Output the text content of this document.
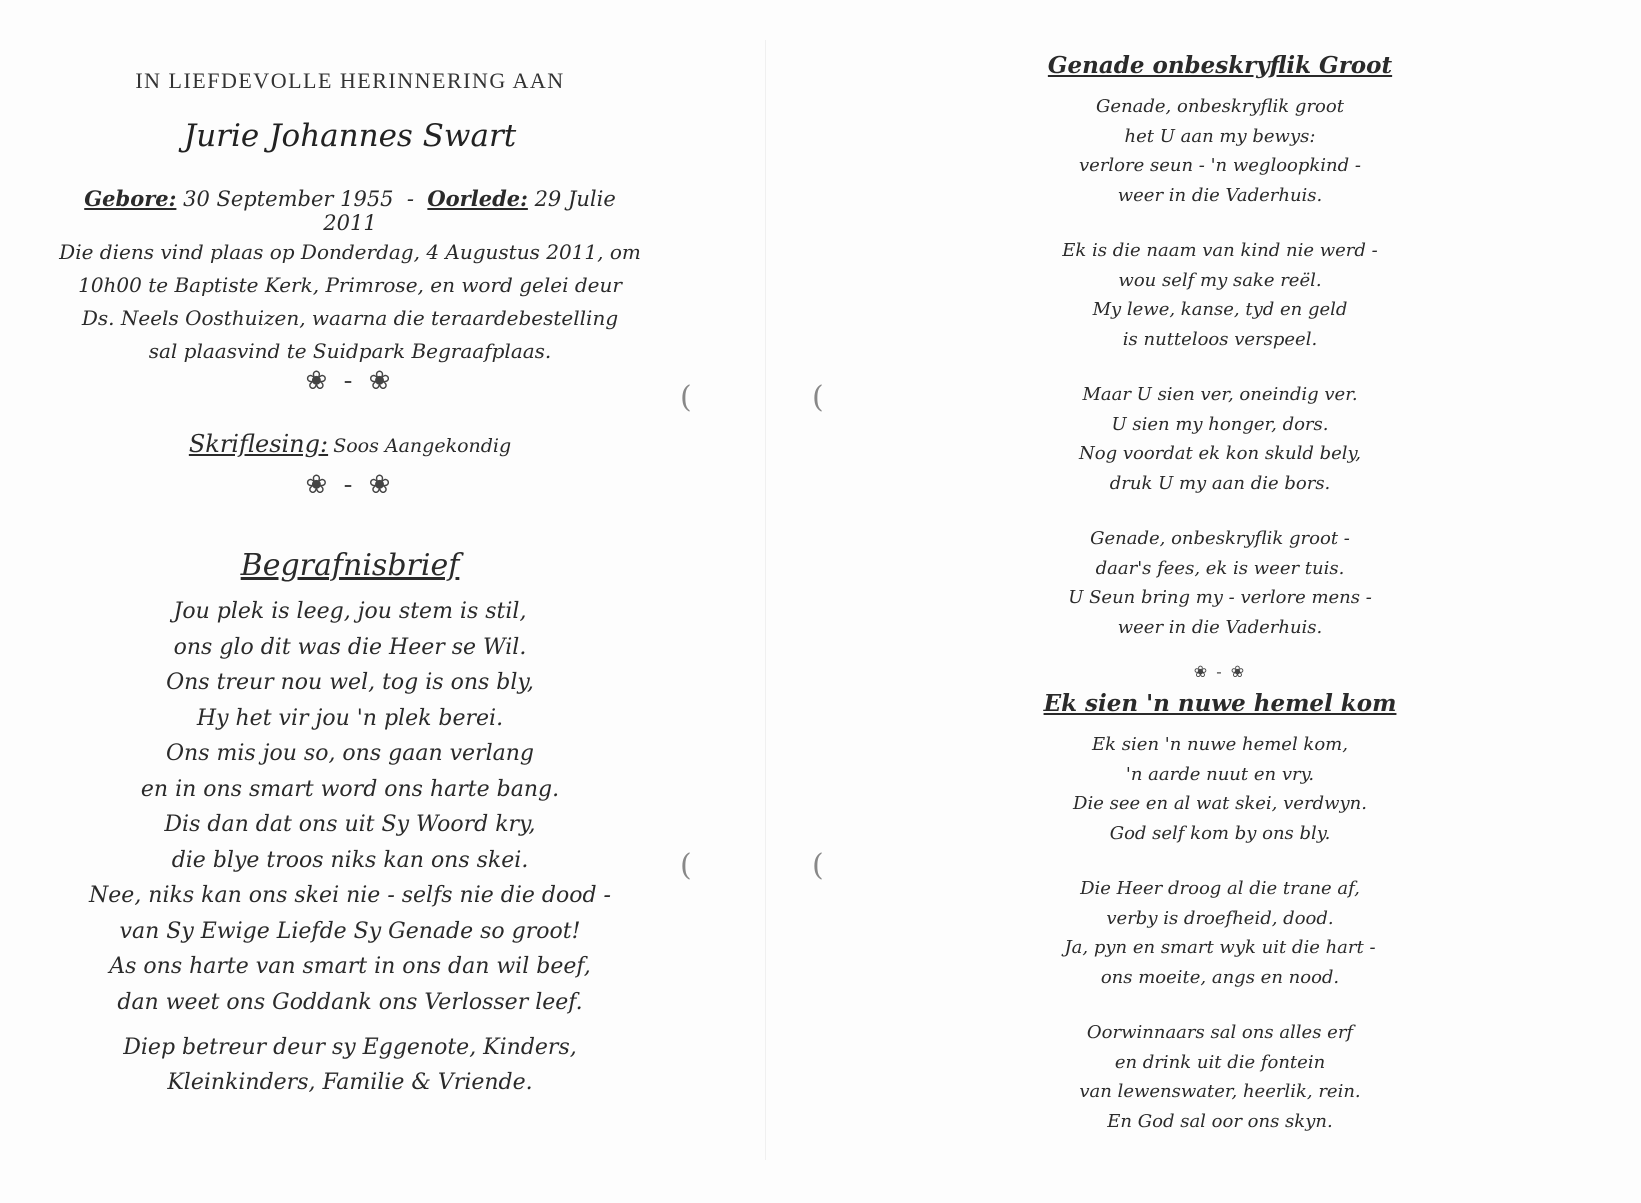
(	(
(	(
IN LIEFDEVOLLE HERINNERING AAN
Jurie Johannes Swart
Gebore: 30 September 1955 - Oorlede: 29 Julie 2011
Die diens vind plaas op Donderdag, 4 Augustus 2011, om
10h00 te Baptiste Kerk, Primrose, en word gelei deur
Ds. Neels Oosthuizen, waarna die teraardebestelling
sal plaasvind te Suidpark Begraafplaas.
❀ - ❀
Skriflesing: Soos Aangekondig
❀ - ❀
Begrafnisbrief
Jou plek is leeg, jou stem is stil,
ons glo dit was die Heer se Wil.
Ons treur nou wel, tog is ons bly,
Hy het vir jou 'n plek berei.
Ons mis jou so, ons gaan verlang
en in ons smart word ons harte bang.
Dis dan dat ons uit Sy Woord kry,
die blye troos niks kan ons skei.
Nee, niks kan ons skei nie - selfs nie die dood -
van Sy Ewige Liefde Sy Genade so groot!
As ons harte van smart in ons dan wil beef,
dan weet ons Goddank ons Verlosser leef.
Diep betreur deur sy Eggenote, Kinders,
Kleinkinders, Familie & Vriende.
Genade onbeskryflik Groot
Genade, onbeskryflik groot
het U aan my bewys:
verlore seun - 'n wegloopkind -
weer in die Vaderhuis.
Ek is die naam van kind nie werd -
wou self my sake reël.
My lewe, kanse, tyd en geld
is nutteloos verspeel.
Maar U sien ver, oneindig ver.
U sien my honger, dors.
Nog voordat ek kon skuld bely,
druk U my aan die bors.
Genade, onbeskryflik groot -
daar's fees, ek is weer tuis.
U Seun bring my - verlore mens -
weer in die Vaderhuis.
❀ - ❀
Ek sien 'n nuwe hemel kom
Ek sien 'n nuwe hemel kom,
'n aarde nuut en vry.
Die see en al wat skei, verdwyn.
God self kom by ons bly.
Die Heer droog al die trane af,
verby is droefheid, dood.
Ja, pyn en smart wyk uit die hart -
ons moeite, angs en nood.
Oorwinnaars sal ons alles erf
en drink uit die fontein
van lewenswater, heerlik, rein.
En God sal oor ons skyn.
